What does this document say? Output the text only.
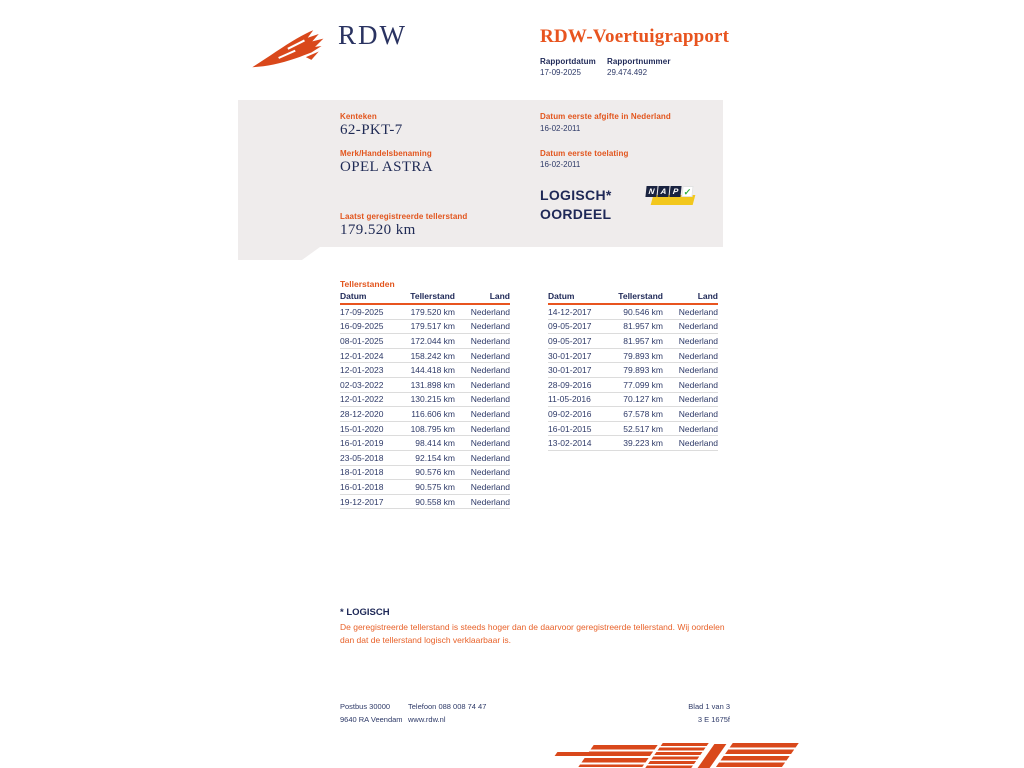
RDW	RDW-Voertuigrapport
Rapportdatum
17-09-2025
Rapportnummer
29.474.492
Kenteken
62-PKT-7
Merk/Handelsbenaming
OPEL ASTRA
Laatst geregistreerde tellerstand
179.520 km
Datum eerste afgifte in Nederland
16-02-2011
Datum eerste toelating
16-02-2011
LOGISCH*
OORDEEL
N A P ✓
Tellerstanden
Datum	Tellerstand	Land
17-09-2025	179.520 km	Nederland
16-09-2025	179.517 km	Nederland
08-01-2025	172.044 km	Nederland
12-01-2024	158.242 km	Nederland
12-01-2023	144.418 km	Nederland
02-03-2022	131.898 km	Nederland
12-01-2022	130.215 km	Nederland
28-12-2020	116.606 km	Nederland
15-01-2020	108.795 km	Nederland
16-01-2019	98.414 km	Nederland
23-05-2018	92.154 km	Nederland
18-01-2018	90.576 km	Nederland
16-01-2018	90.575 km	Nederland
19-12-2017	90.558 km	Nederland
Datum	Tellerstand	Land
14-12-2017	90.546 km	Nederland
09-05-2017	81.957 km	Nederland
09-05-2017	81.957 km	Nederland
30-01-2017	79.893 km	Nederland
30-01-2017	79.893 km	Nederland
28-09-2016	77.099 km	Nederland
11-05-2016	70.127 km	Nederland
09-02-2016	67.578 km	Nederland
16-01-2015	52.517 km	Nederland
13-02-2014	39.223 km	Nederland
* LOGISCH
De geregistreerde tellerstand is steeds hoger dan de daarvoor geregistreerde tellerstand. Wij oordelen dan dat de tellerstand logisch verklaarbaar is.
Postbus 30000
9640 RA Veendam
Telefoon 088 008 74 47
www.rdw.nl
Blad 1 van 3
3 E 1675f
